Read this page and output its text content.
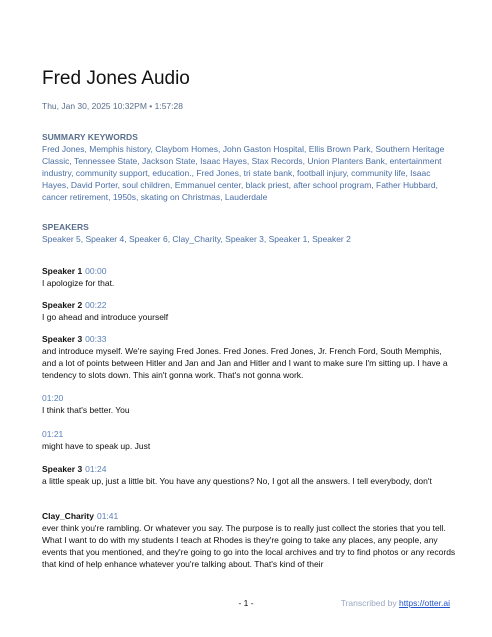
Fred Jones Audio
Thu, Jan 30, 2025 10:32PM • 1:57:28
SUMMARY KEYWORDS
Fred Jones, Memphis history, Claybom Homes, John Gaston Hospital, Ellis Brown Park, Southern Heritage Classic, Tennessee State, Jackson State, Isaac Hayes, Stax Records, Union Planters Bank, entertainment industry, community support, education., Fred Jones, tri state bank, football injury, community life, Isaac Hayes, David Porter, soul children, Emmanuel center, black priest, after school program, Father Hubbard, cancer retirement, 1950s, skating on Christmas, Lauderdale
SPEAKERS
Speaker 5, Speaker 4, Speaker 6, Clay_Charity, Speaker 3, Speaker 1, Speaker 2
Speaker 1 00:00
I apologize for that.
Speaker 2 00:22
I go ahead and introduce yourself
Speaker 3 00:33
and introduce myself. We're saying Fred Jones. Fred Jones. Fred Jones, Jr. French Ford, South Memphis, and a lot of points between Hitler and Jan and Jan and Hitler and I want to make sure I'm sitting up. I have a tendency to slots down. This ain't gonna work. That's not gonna work.
01:20
I think that's better. You
01:21
might have to speak up. Just
Speaker 3 01:24
a little speak up, just a little bit. You have any questions? No, I got all the answers. I tell everybody, don't
Clay_Charity 01:41
ever think you're rambling. Or whatever you say. The purpose is to really just collect the stories that you tell. What I want to do with my students I teach at Rhodes is they're going to take any places, any people, any events that you mentioned, and they're going to go into the local archives and try to find photos or any records that kind of help enhance whatever you're talking about. That's kind of their
- 1 -	Transcribed by https://otter.ai
